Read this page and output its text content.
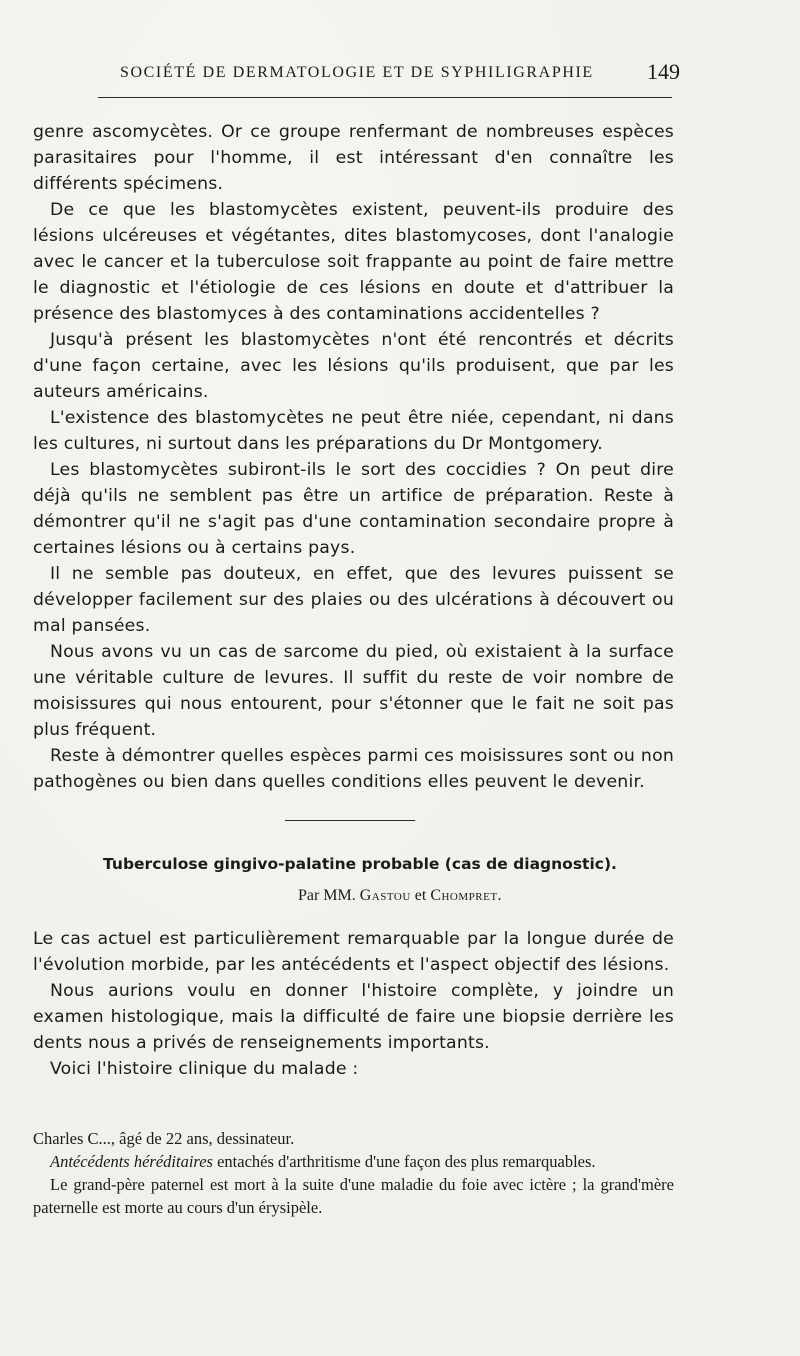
SOCIÉTÉ DE DERMATOLOGIE ET DE SYPHILIGRAPHIE 149

genre ascomycètes. Or ce groupe renfermant de nombreuses espèces parasitaires pour l'homme, il est intéressant d'en connaître les différents spécimens.

De ce que les blastomycètes existent, peuvent-ils produire des lésions ulcéreuses et végétantes, dites blastomycoses, dont l'analogie avec le cancer et la tuberculose soit frappante au point de faire mettre le diagnostic et l'étiologie de ces lésions en doute et d'attribuer la présence des blastomyces à des contaminations accidentelles ?

Jusqu'à présent les blastomycètes n'ont été rencontrés et décrits d'une façon certaine, avec les lésions qu'ils produisent, que par les auteurs américains.

L'existence des blastomycètes ne peut être niée, cependant, ni dans les cultures, ni surtout dans les préparations du Dr Montgomery.

Les blastomycètes subiront-ils le sort des coccidies ? On peut dire déjà qu'ils ne semblent pas être un artifice de préparation. Reste à démontrer qu'il ne s'agit pas d'une contamination secondaire propre à certaines lésions ou à certains pays.

Il ne semble pas douteux, en effet, que des levures puissent se développer facilement sur des plaies ou des ulcérations à découvert ou mal pansées.

Nous avons vu un cas de sarcome du pied, où existaient à la surface une véritable culture de levures. Il suffit du reste de voir nombre de moisissures qui nous entourent, pour s'étonner que le fait ne soit pas plus fréquent.

Reste à démontrer quelles espèces parmi ces moisissures sont ou non pathogènes ou bien dans quelles conditions elles peuvent le devenir.

Tuberculose gingivo-palatine probable (cas de diagnostic).
Par MM. Gastou et Chompret.

Le cas actuel est particulièrement remarquable par la longue durée de l'évolution morbide, par les antécédents et l'aspect objectif des lésions.

Nous aurions voulu en donner l'histoire complète, y joindre un examen histologique, mais la difficulté de faire une biopsie derrière les dents nous a privés de renseignements importants.

Voici l'histoire clinique du malade :

Charles C..., âgé de 22 ans, dessinateur.

Antécédents héréditaires entachés d'arthritisme d'une façon des plus remarquables.

Le grand-père paternel est mort à la suite d'une maladie du foie avec ictère ; la grand'mère paternelle est morte au cours d'un érysipèle.
